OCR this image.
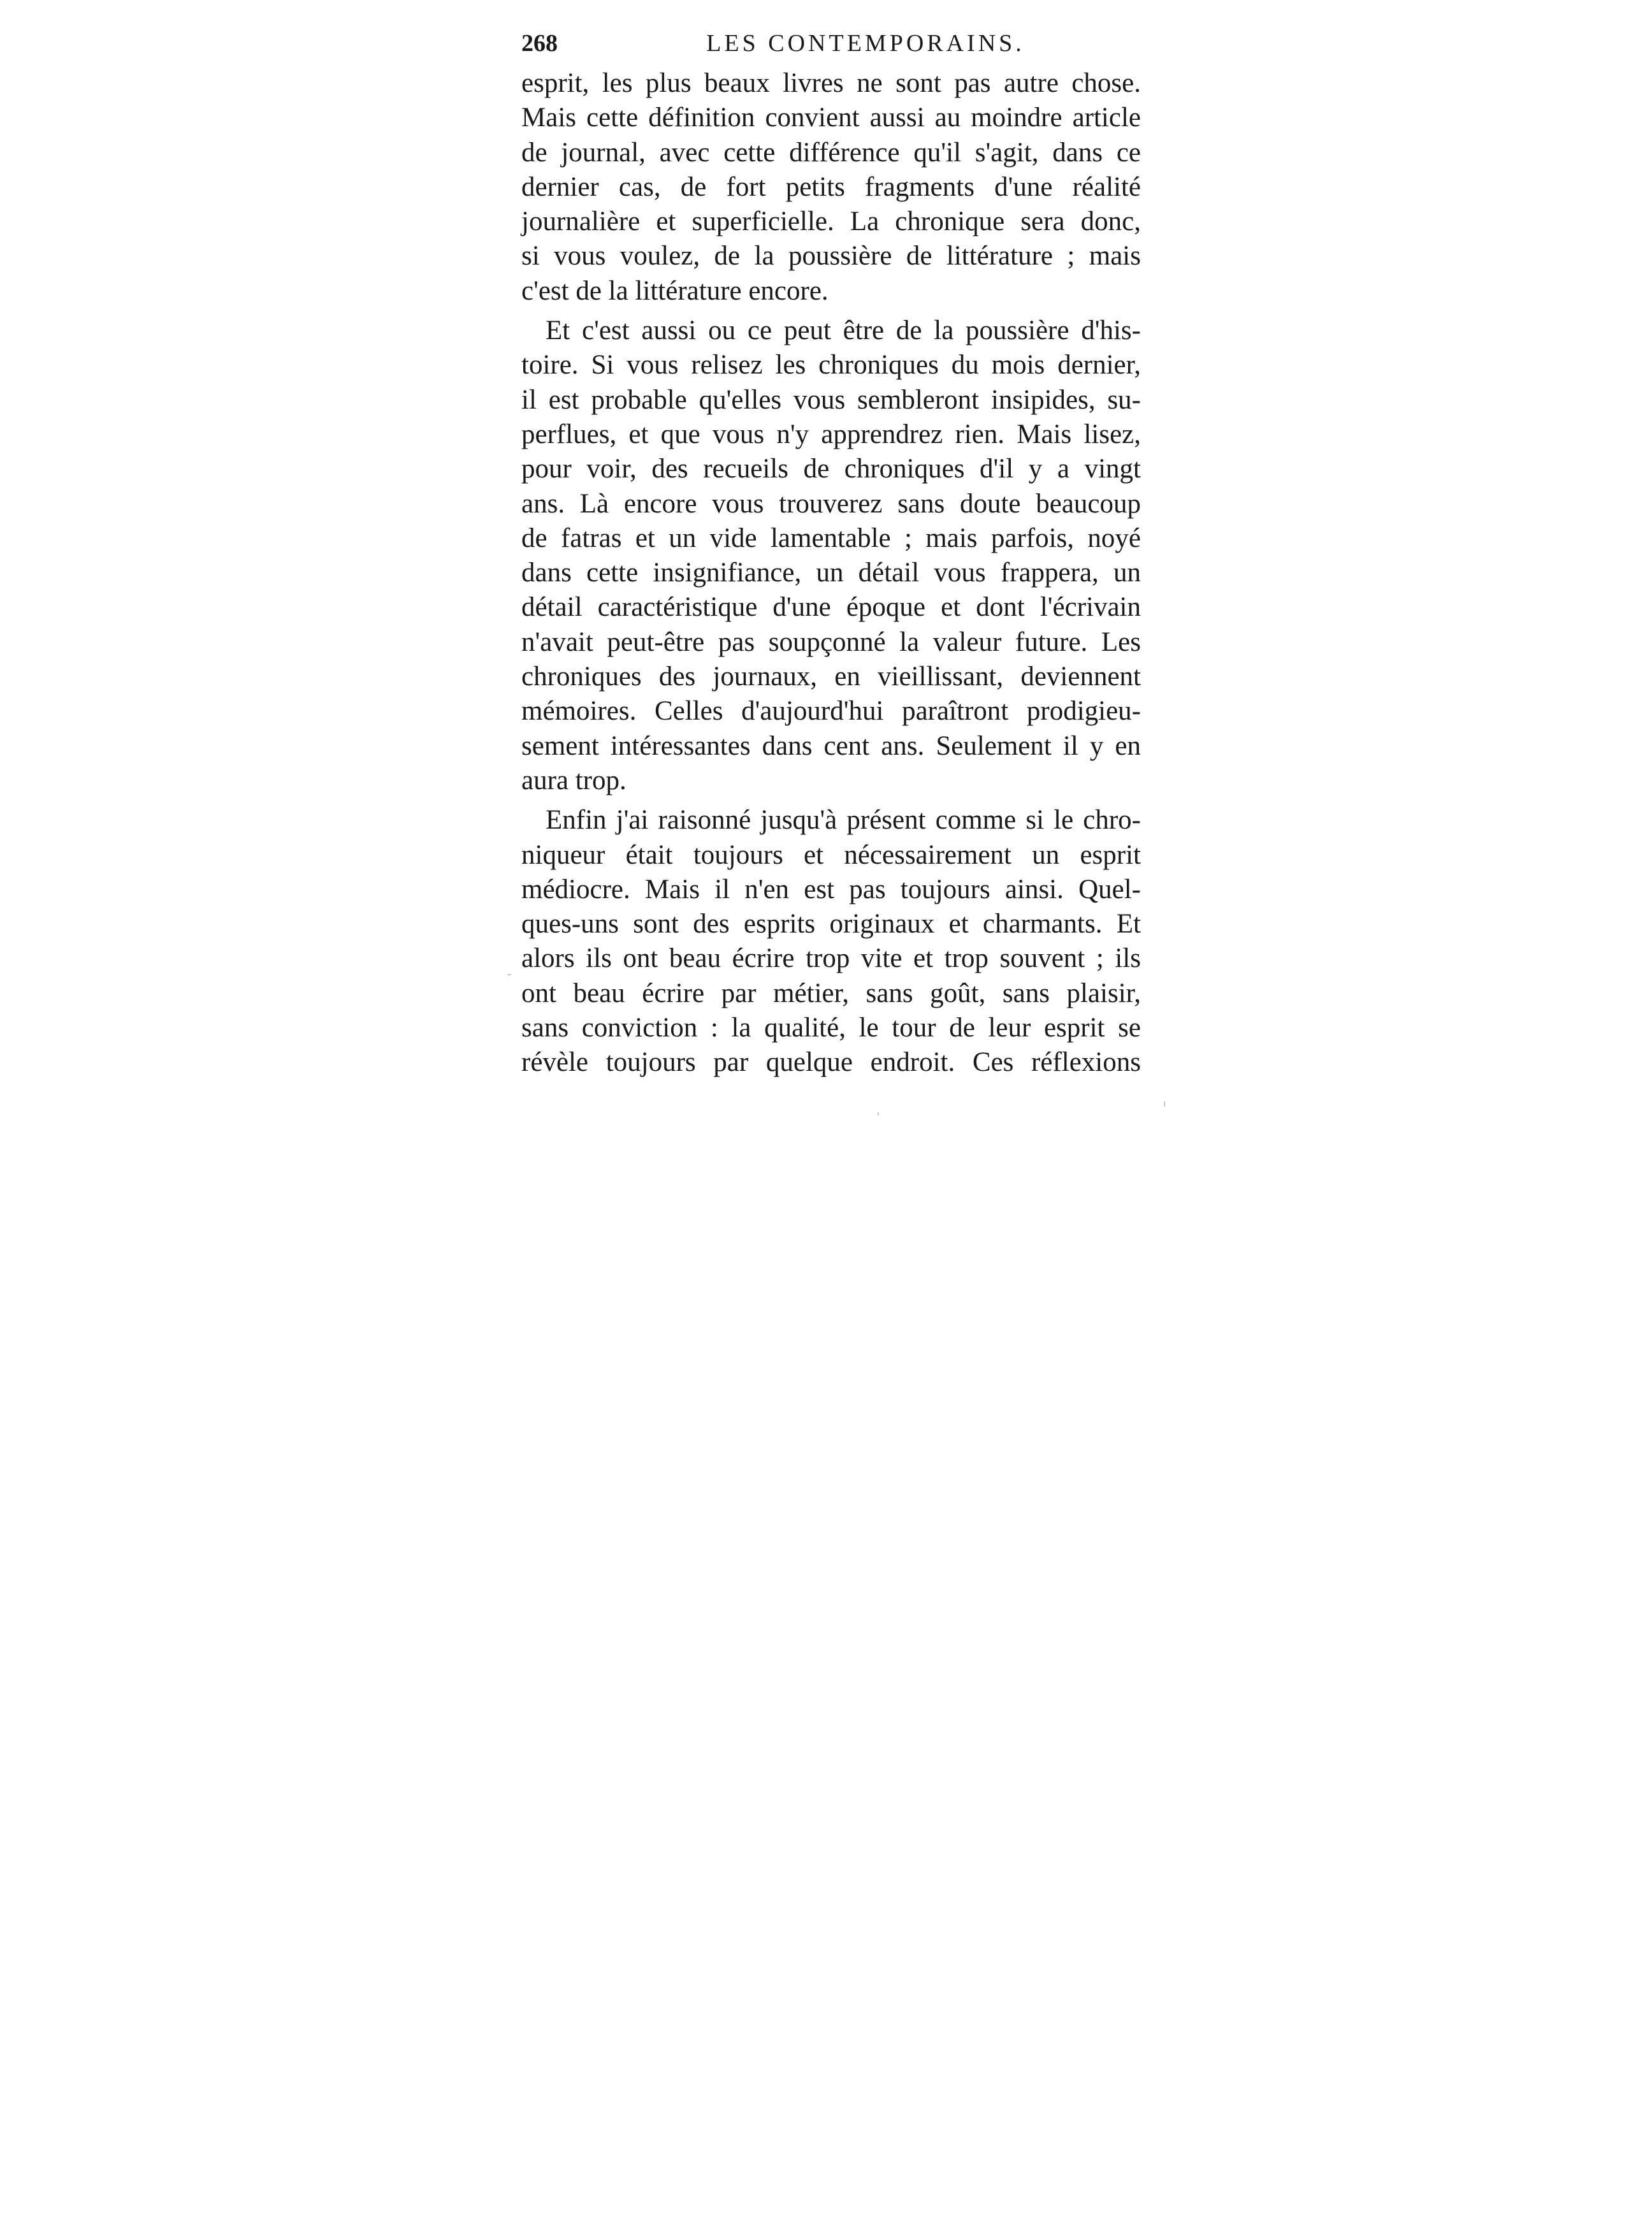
268	LES CONTEMPORAINS.

esprit, les plus beaux livres ne sont pas autre chose.
Mais cette définition convient aussi au moindre article
de journal, avec cette différence qu'il s'agit, dans ce
dernier cas, de fort petits fragments d'une réalité
journalière et superficielle. La chronique sera donc,
si vous voulez, de la poussière de littérature ; mais
c'est de la littérature encore.

Et c'est aussi ou ce peut être de la poussière d'his-
toire. Si vous relisez les chroniques du mois dernier,
il est probable qu'elles vous sembleront insipides, su-
perflues, et que vous n'y apprendrez rien. Mais lisez,
pour voir, des recueils de chroniques d'il y a vingt
ans. Là encore vous trouverez sans doute beaucoup
de fatras et un vide lamentable ; mais parfois, noyé
dans cette insignifiance, un détail vous frappera, un
détail caractéristique d'une époque et dont l'écrivain
n'avait peut-être pas soupçonné la valeur future. Les
chroniques des journaux, en vieillissant, deviennent
mémoires. Celles d'aujourd'hui paraîtront prodigieu-
sement intéressantes dans cent ans. Seulement il y en
aura trop.

Enfin j'ai raisonné jusqu'à présent comme si le chro-
niqueur était toujours et nécessairement un esprit
médiocre. Mais il n'en est pas toujours ainsi. Quel-
ques-uns sont des esprits originaux et charmants. Et
alors ils ont beau écrire trop vite et trop souvent ; ils
ont beau écrire par métier, sans goût, sans plaisir,
sans conviction : la qualité, le tour de leur esprit se
révèle toujours par quelque endroit. Ces réflexions
